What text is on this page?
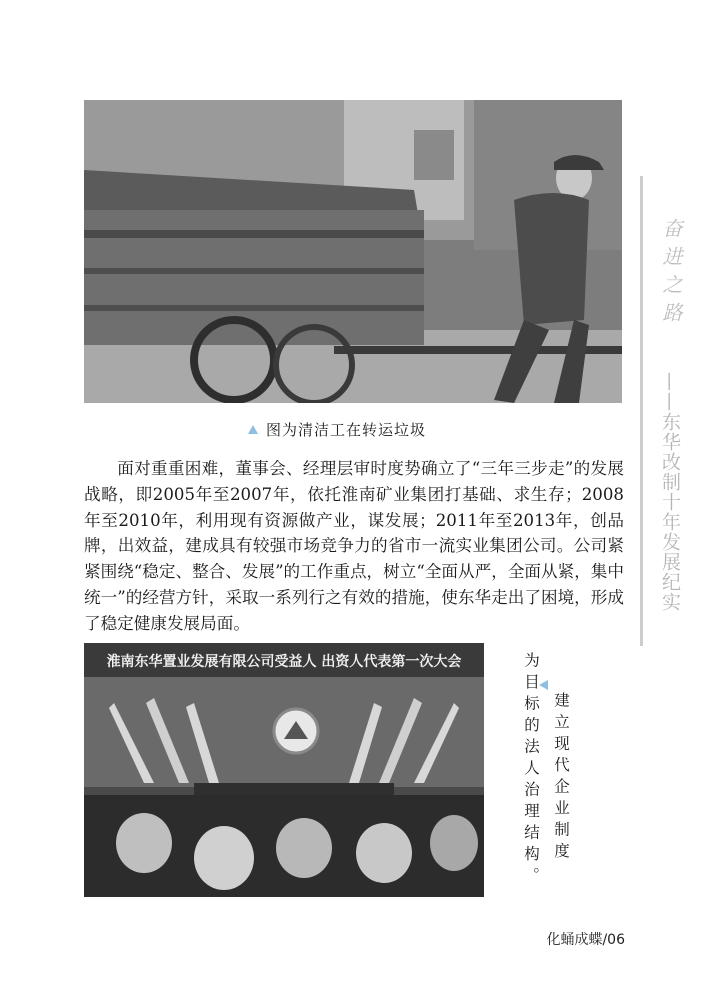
图为清洁工在转运垃圾

面对重重困难，董事会、经理层审时度势确立了“三年三步走”的发展战略，即2005年至2007年，依托淮南矿业集团打基础、求生存；2008年至2010年，利用现有资源做产业，谋发展；2011年至2013年，创品牌，出效益，建成具有较强市场竞争力的省市一流实业集团公司。公司紧紧围绕“稳定、整合、发展”的工作重点，树立“全面从严，全面从紧，集中统一”的经营方针，采取一系列行之有效的措施，使东华走出了困境，形成了稳定健康发展局面。

淮南东华置业发展有限公司受益人 出资人代表第一次大会
建立现代企业制度
为目标的法人治理结构。
奋进之路
——东华改制十年发展纪实
化蛹成蝶/06
